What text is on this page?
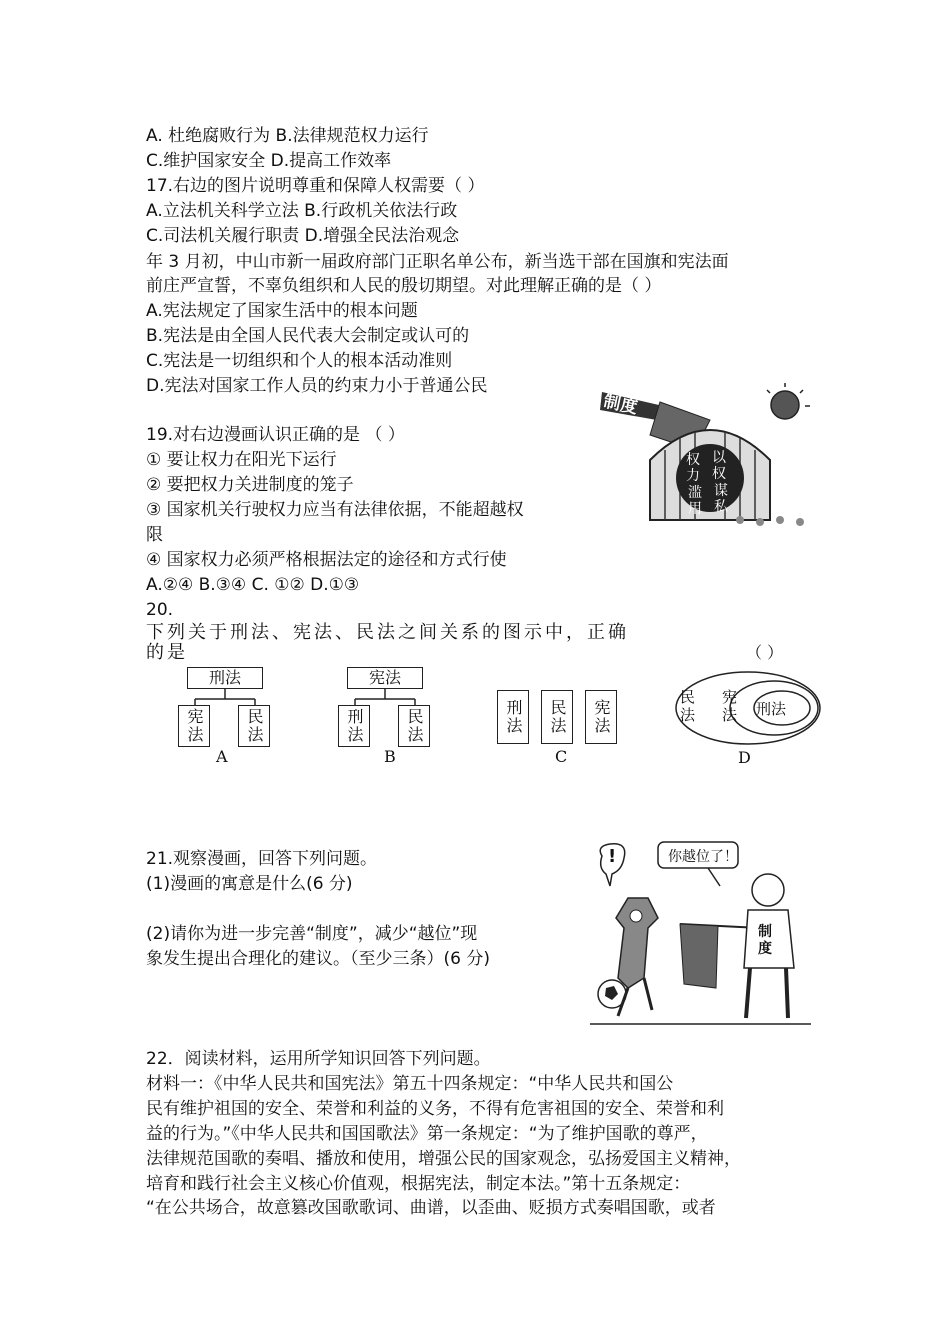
A. 杜绝腐败行为 B.法律规范权力运行
C.维护国家安全 D.提高工作效率
17.右边的图片说明尊重和保障人权需要（ ）
A.立法机关科学立法 B.行政机关依法行政
C.司法机关履行职责 D.增强全民法治观念
年 3 月初，中山市新一届政府部门正职名单公布，新当选干部在国旗和宪法面
前庄严宣誓，不辜负组织和人民的殷切期望。对此理解正确的是（ ）
A.宪法规定了国家生活中的根本问题
B.宪法是由全国人民代表大会制定或认可的
C.宪法是一切组织和个人的根本活动准则
D.宪法对国家工作人员的约束力小于普通公民
制度
权力
滥用
以权
谋私
19.对右边漫画认识正确的是 （ ）
① 要让权力在阳光下运行
② 要把权力关进制度的笼子
③ 国家机关行驶权力应当有法律依据，不能超越权
限
④ 国家权力必须严格根据法定的途径和方式行使
A.②④ B.③④ C. ①② D.①③
20.
下列关于刑法、宪法、民法之间关系的图示中，正确
的是	（ ）
刑法
宪法	民法
A
宪法
刑法	民法
B
刑法	民法	宪法
C
民法
宪法	刑法
D
你越位了！
!
制度
21.观察漫画，回答下列问题。
(1)漫画的寓意是什么(6 分)
(2)请你为进一步完善“制度”，减少“越位”现
象发生提出合理化的建议。（至少三条）(6 分)
22．阅读材料，运用所学知识回答下列问题。
材料一：《中华人民共和国宪法》第五十四条规定：“中华人民共和国公
民有维护祖国的安全、荣誉和利益的义务，不得有危害祖国的安全、荣誉和利
益的行为。”《中华人民共和国国歌法》第一条规定：“为了维护国歌的尊严，
法律规范国歌的奏唱、播放和使用，增强公民的国家观念，弘扬爱国主义精神，
培育和践行社会主义核心价值观，根据宪法，制定本法。”第十五条规定：
“在公共场合，故意篡改国歌歌词、曲谱，以歪曲、贬损方式奏唱国歌，或者
